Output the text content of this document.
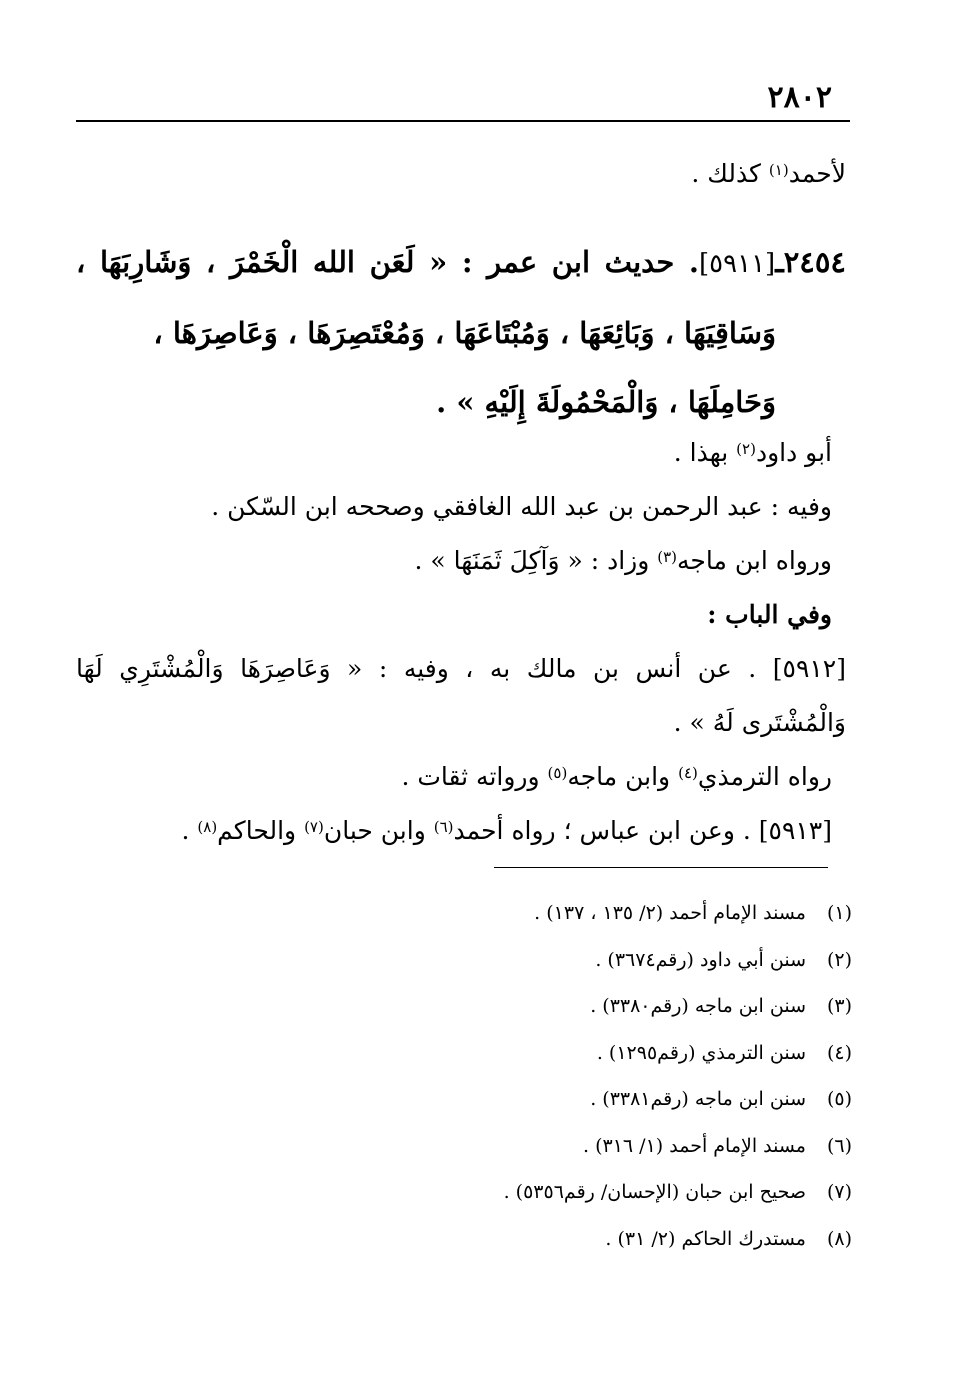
٢٨٠٢
لأحمد$^{(١)}$ كذلك .
٢٤٥٤ـ[٥٩١١]. حديث ابن عمر : « لَعَن الله الْخَمْرَ ، وَشَارِبَهَا ،
وَسَاقِيَهَا ، وَبَائِعَهَا ، وَمُبْتَاعَهَا ، وَمُعْتَصِرَهَا ، وَعَاصِرَهَا ،
وَحَامِلَهَا ، وَالْمَحْمُولَةَ إِلَيْهِ » .
أبو داود$^{(٢)}$ بهذا .
وفيه : عبد الرحمن بن عبد الله الغافقي وصححه ابن السّكن .
ورواه ابن ماجه$^{(٣)}$ وزاد : « وَآكِلَ ثَمَنَهَا » .
وفي الباب :
[٥٩١٢] . عن أنس بن مالك به ، وفيه : « وَعَاصِرَهَا وَالْمُشْتَرِي لَهَا
وَالْمُشْتَرى لَهُ » .
رواه الترمذي$^{(٤)}$ وابن ماجه$^{(٥)}$ ورواته ثقات .
[٥٩١٣] . وعن ابن عباس ؛ رواه أحمد$^{(٦)}$ وابن حبان$^{(٧)}$ والحاكم$^{(٨)}$ .
(١)
مسند الإمام أحمد (٢/ ١٣٥ ، ١٣٧) .
(٢)
سنن أبي داود (رقم٣٦٧٤) .
(٣)
سنن ابن ماجه (رقم٣٣٨٠) .
(٤)
سنن الترمذي (رقم١٢٩٥) .
(٥)
سنن ابن ماجه (رقم٣٣٨١) .
(٦)
مسند الإمام أحمد (١/ ٣١٦) .
(٧)
صحيح ابن حبان (الإحسان/ رقم٥٣٥٦) .
(٨)
مستدرك الحاكم (٢/ ٣١) .
